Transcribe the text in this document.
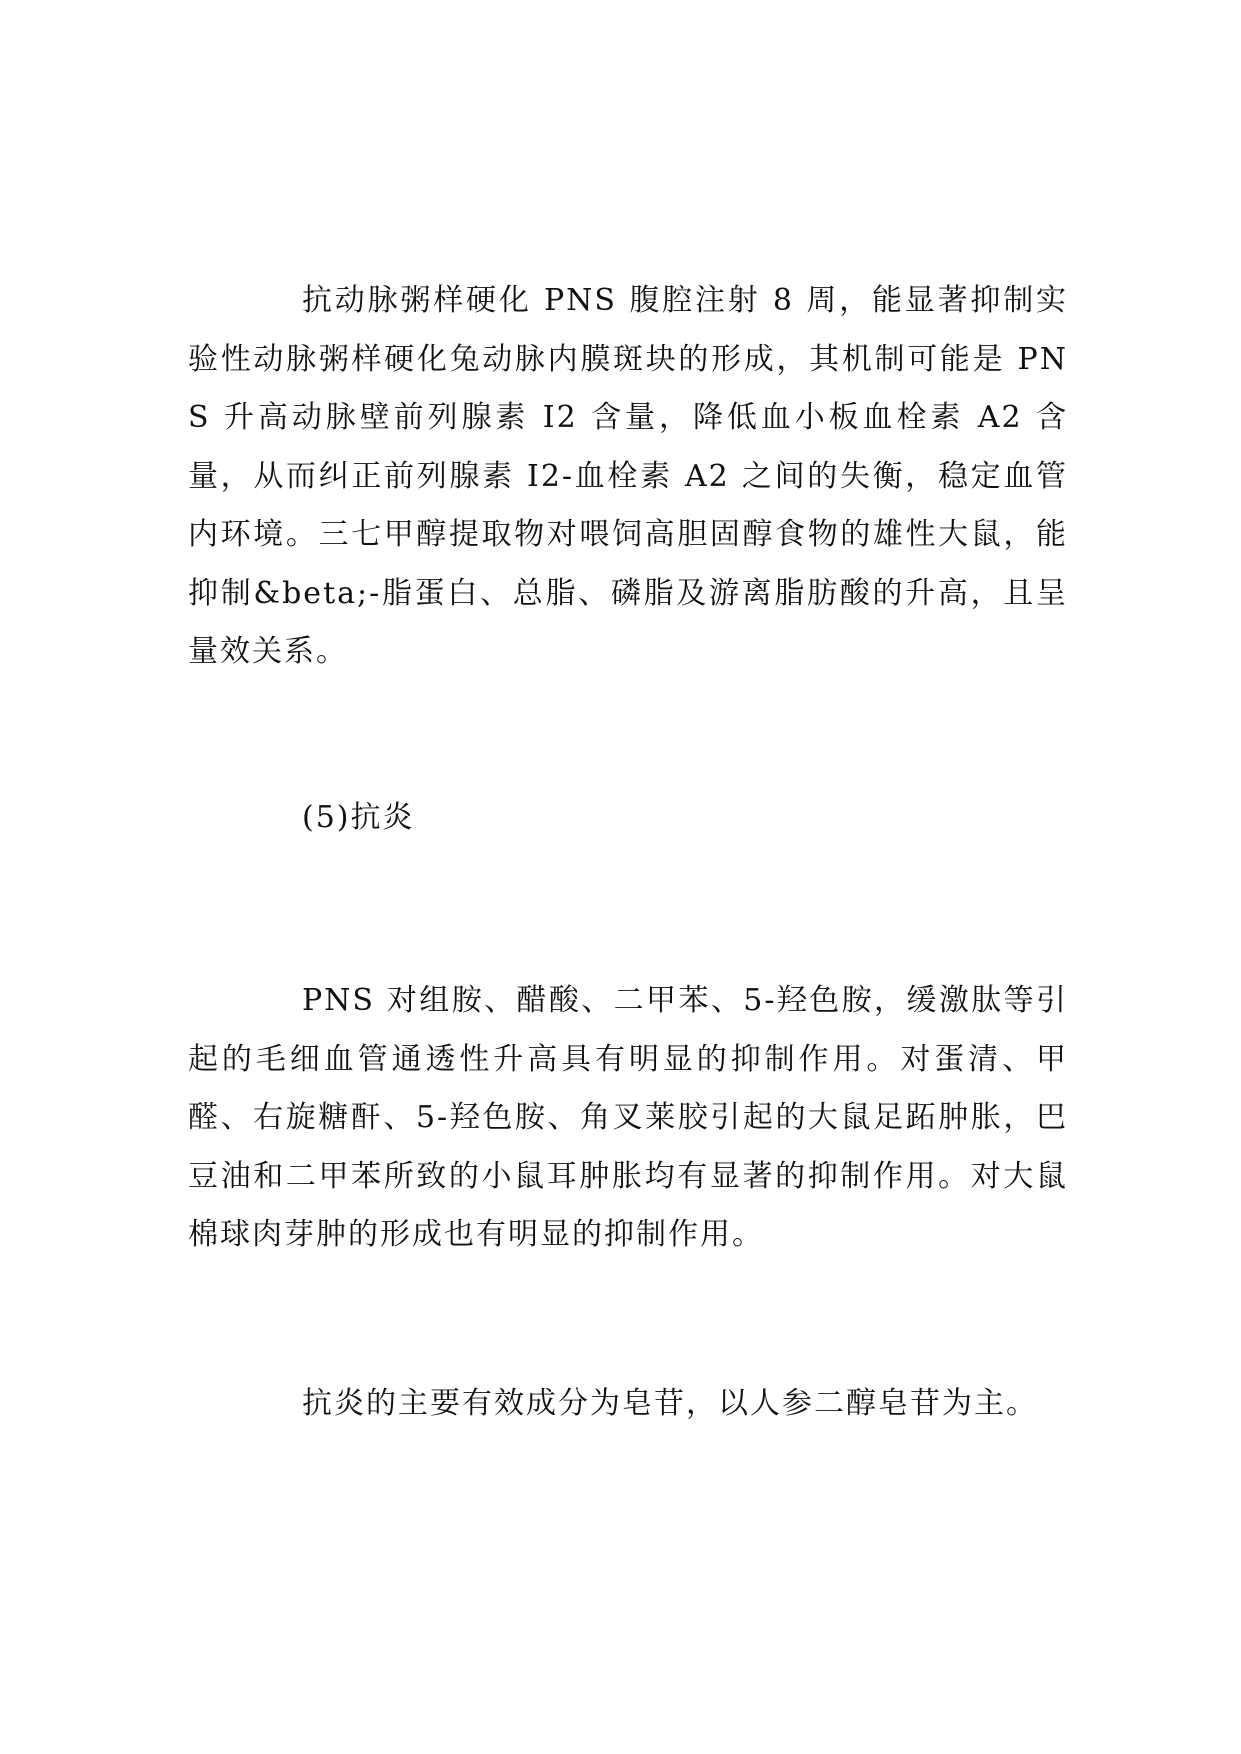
抗动脉粥样硬化 PNS 腹腔注射 8 周，能显著抑制实验性动脉粥样硬化兔动脉内膜斑块的形成，其机制可能是 PNS 升高动脉壁前列腺素 I2 含量，降低血小板血栓素 A2 含量，从而纠正前列腺素 I2-血栓素 A2 之间的失衡，稳定血管内环境。三七甲醇提取物对喂饲高胆固醇食物的雄性大鼠，能抑制&beta;-脂蛋白、总脂、磷脂及游离脂肪酸的升高，且呈量效关系。

(5)抗炎

PNS 对组胺、醋酸、二甲苯、5-羟色胺，缓激肽等引起的毛细血管通透性升高具有明显的抑制作用。对蛋清、甲醛、右旋糖酐、5-羟色胺、角叉莱胶引起的大鼠足跖肿胀，巴豆油和二甲苯所致的小鼠耳肿胀均有显著的抑制作用。对大鼠棉球肉芽肿的形成也有明显的抑制作用。

抗炎的主要有效成分为皂苷，以人参二醇皂苷为主。
